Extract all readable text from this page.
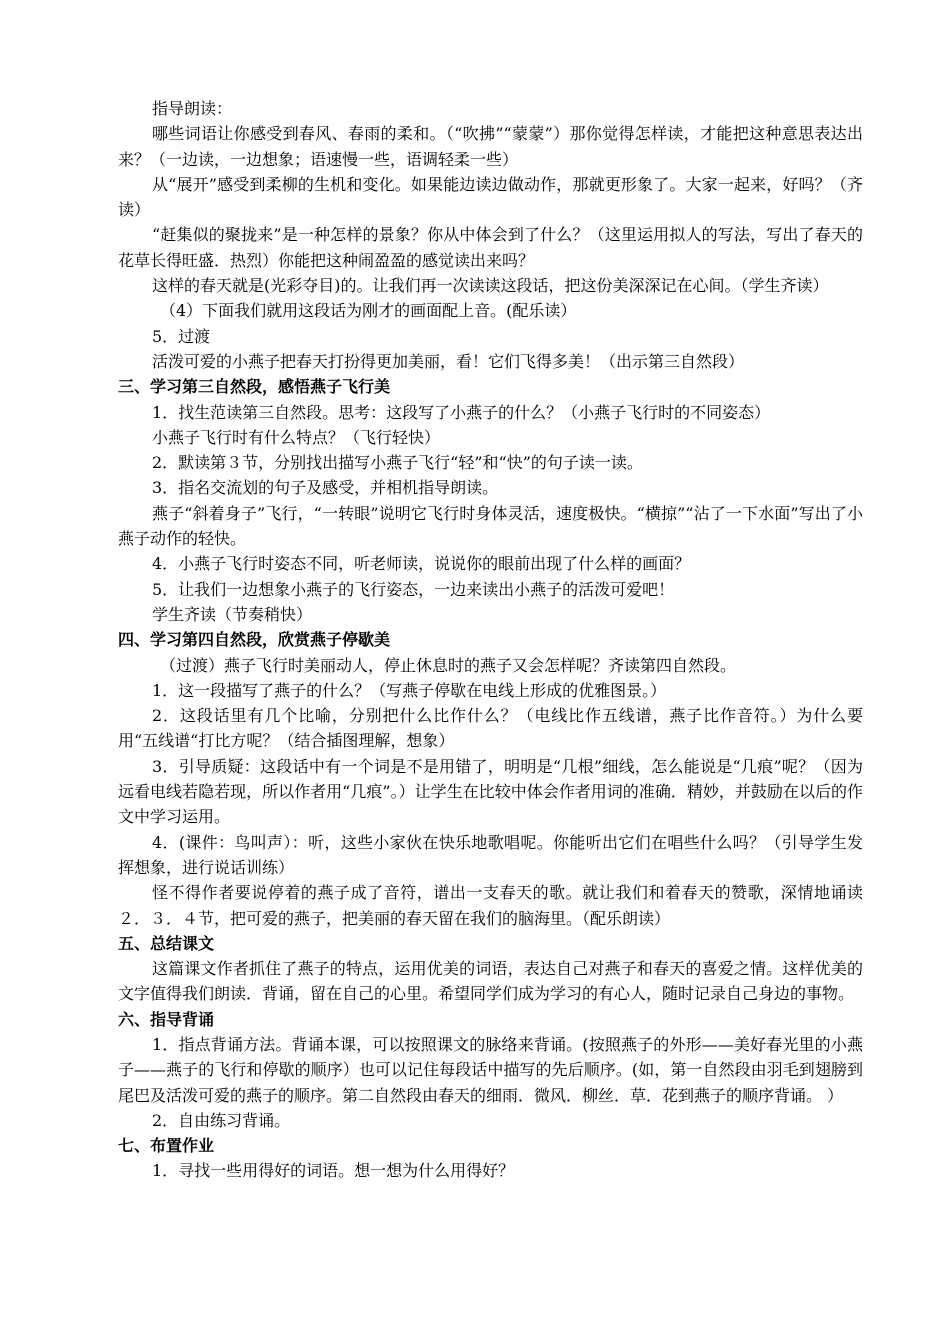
指导朗读：

哪些词语让你感受到春风、春雨的柔和。（“吹拂”“蒙蒙”）那你觉得怎样读，才能把这种意思表达出来？（一边读，一边想象；语速慢一些，语调轻柔一些）

从“展开”感受到柔柳的生机和变化。如果能边读边做动作，那就更形象了。大家一起来，好吗？（齐读）

“赶集似的聚拢来”是一种怎样的景象？你从中体会到了什么？（这里运用拟人的写法，写出了春天的花草长得旺盛．热烈）你能把这种闹盈盈的感觉读出来吗？

这样的春天就是(光彩夺目)的。让我们再一次读读这段话，把这份美深深记在心间。（学生齐读）

（4）下面我们就用这段话为刚才的画面配上音。(配乐读）

5．过渡

活泼可爱的小燕子把春天打扮得更加美丽，看！它们飞得多美！（出示第三自然段）

三、学习第三自然段，感悟燕子飞行美

1．找生范读第三自然段。思考：这段写了小燕子的什么？（小燕子飞行时的不同姿态）

小燕子飞行时有什么特点？（飞行轻快）

2．默读第３节，分别找出描写小燕子飞行“轻”和“快”的句子读一读。

3．指名交流划的句子及感受，并相机指导朗读。

燕子“斜着身子”飞行，“一转眼”说明它飞行时身体灵活，速度极快。“横掠”“沾了一下水面”写出了小燕子动作的轻快。

4．小燕子飞行时姿态不同，听老师读，说说你的眼前出现了什么样的画面？

5．让我们一边想象小燕子的飞行姿态，一边来读出小燕子的活泼可爱吧！

学生齐读（节奏稍快）

四、学习第四自然段，欣赏燕子停歇美

（过渡）燕子飞行时美丽动人，停止休息时的燕子又会怎样呢？齐读第四自然段。

1．这一段描写了燕子的什么？（写燕子停歇在电线上形成的优雅图景。）

2．这段话里有几个比喻，分别把什么比作什么？（电线比作五线谱，燕子比作音符。）为什么要用“五线谱“打比方呢？（结合插图理解，想象）

3．引导质疑：这段话中有一个词是不是用错了，明明是“几根”细线，怎么能说是“几痕”呢？（因为远看电线若隐若现，所以作者用“几痕”。）让学生在比较中体会作者用词的准确．精妙，并鼓励在以后的作文中学习运用。

4．(课件：鸟叫声）：听，这些小家伙在快乐地歌唱呢。你能听出它们在唱些什么吗？（引导学生发挥想象，进行说话训练）

怪不得作者要说停着的燕子成了音符，谱出一支春天的歌。就让我们和着春天的赞歌，深情地诵读２．３．４节，把可爱的燕子，把美丽的春天留在我们的脑海里。（配乐朗读）

五、总结课文

这篇课文作者抓住了燕子的特点，运用优美的词语，表达自己对燕子和春天的喜爱之情。这样优美的文字值得我们朗读．背诵，留在自己的心里。希望同学们成为学习的有心人，随时记录自己身边的事物。

六、指导背诵

1．指点背诵方法。背诵本课，可以按照课文的脉络来背诵。(按照燕子的外形——美好春光里的小燕子——燕子的飞行和停歇的顺序）也可以记住每段话中描写的先后顺序。(如，第一自然段由羽毛到翅膀到尾巴及活泼可爱的燕子的顺序。第二自然段由春天的细雨．微风．柳丝．草．花到燕子的顺序背诵。 ）

2．自由练习背诵。

七、布置作业

1．寻找一些用得好的词语。想一想为什么用得好？
